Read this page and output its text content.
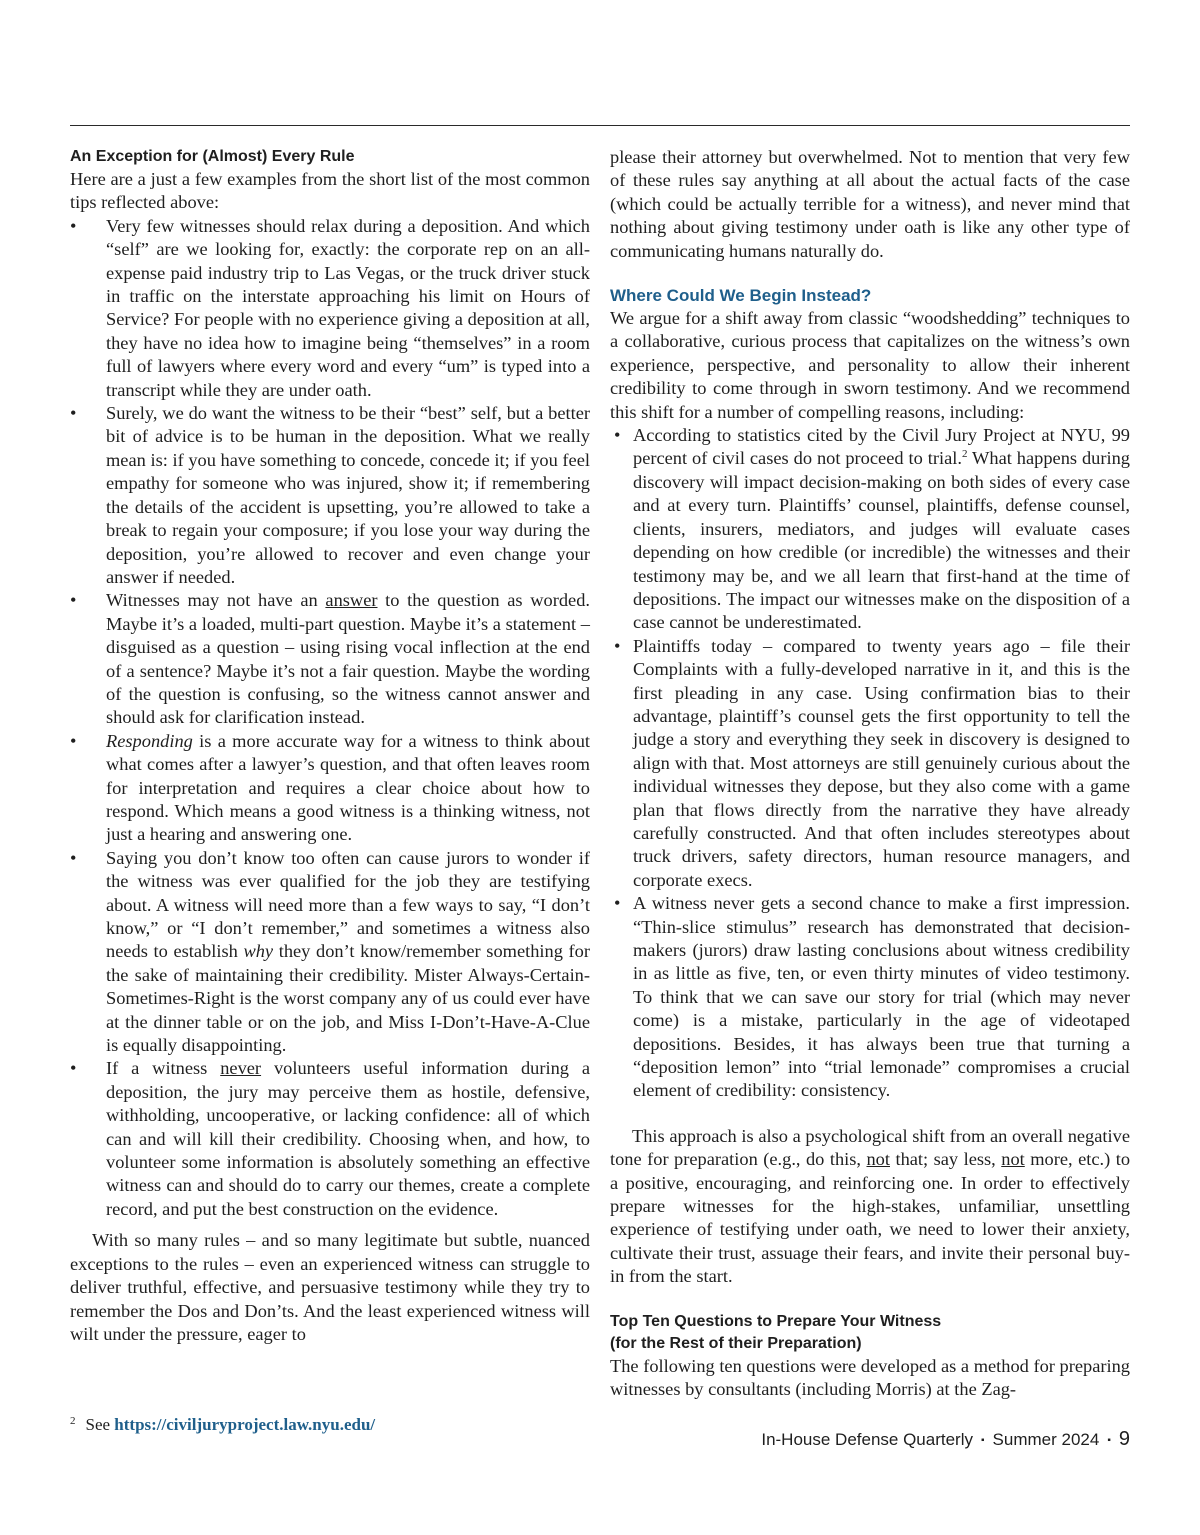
An Exception for (Almost) Every Rule

Here are a just a few examples from the short list of the most common tips reflected above:

• Very few witnesses should relax during a deposition. And which “self” are we looking for, exactly: the corporate rep on an all-expense paid industry trip to Las Vegas, or the truck driver stuck in traffic on the interstate approaching his limit on Hours of Service? For people with no experience giving a deposition at all, they have no idea how to imagine being “themselves” in a room full of lawyers where every word and every “um” is typed into a transcript while they are under oath.
• Surely, we do want the witness to be their “best” self, but a better bit of advice is to be human in the deposition. What we really mean is: if you have something to concede, concede it; if you feel empathy for someone who was injured, show it; if remembering the details of the accident is upsetting, you’re allowed to take a break to regain your composure; if you lose your way during the deposition, you’re allowed to recover and even change your answer if needed.
• Witnesses may not have an answer to the question as worded. Maybe it’s a loaded, multi-part question. Maybe it’s a statement – disguised as a question – using rising vocal inflection at the end of a sentence? Maybe it’s not a fair question. Maybe the wording of the question is confusing, so the witness cannot answer and should ask for clarification instead.
• Responding is a more accurate way for a witness to think about what comes after a lawyer’s question, and that often leaves room for interpretation and requires a clear choice about how to respond. Which means a good witness is a thinking witness, not just a hearing and answering one.
• Saying you don’t know too often can cause jurors to wonder if the witness was ever qualified for the job they are testifying about. A witness will need more than a few ways to say, “I don’t know,” or “I don’t remember,” and sometimes a witness also needs to establish why they don’t know/remember something for the sake of maintaining their credibility. Mister Always-Certain-Sometimes-Right is the worst company any of us could ever have at the dinner table or on the job, and Miss I-Don’t-Have-A-Clue is equally disappointing.
• If a witness never volunteers useful information during a deposition, the jury may perceive them as hostile, defensive, withholding, uncooperative, or lacking confidence: all of which can and will kill their credibility. Choosing when, and how, to volunteer some information is absolutely something an effective witness can and should do to carry our themes, create a complete record, and put the best construction on the evidence.

With so many rules – and so many legitimate but subtle, nuanced exceptions to the rules – even an experienced witness can struggle to deliver truthful, effective, and persuasive testimony while they try to remember the Dos and Don’ts. And the least experienced witness will wilt under the pressure, eager to

please their attorney but overwhelmed. Not to mention that very few of these rules say anything at all about the actual facts of the case (which could be actually terrible for a witness), and never mind that nothing about giving testimony under oath is like any other type of communicating humans naturally do.

Where Could We Begin Instead?

We argue for a shift away from classic “woodshedding” techniques to a collaborative, curious process that capitalizes on the witness’s own experience, perspective, and personality to allow their inherent credibility to come through in sworn testimony. And we recommend this shift for a number of compelling reasons, including:

• According to statistics cited by the Civil Jury Project at NYU, 99 percent of civil cases do not proceed to trial.$^2$ What happens during discovery will impact decision-making on both sides of every case and at every turn. Plaintiffs’ counsel, plaintiffs, defense counsel, clients, insurers, mediators, and judges will evaluate cases depending on how credible (or incredible) the witnesses and their testimony may be, and we all learn that first-hand at the time of depositions. The impact our witnesses make on the disposition of a case cannot be underestimated.
• Plaintiffs today – compared to twenty years ago – file their Complaints with a fully-developed narrative in it, and this is the first pleading in any case. Using confirmation bias to their advantage, plaintiff’s counsel gets the first opportunity to tell the judge a story and everything they seek in discovery is designed to align with that. Most attorneys are still genuinely curious about the individual witnesses they depose, but they also come with a game plan that flows directly from the narrative they have already carefully constructed. And that often includes stereotypes about truck drivers, safety directors, human resource managers, and corporate execs.
• A witness never gets a second chance to make a first impression. “Thin-slice stimulus” research has demonstrated that decision-makers (jurors) draw lasting conclusions about witness credibility in as little as five, ten, or even thirty minutes of video testimony. To think that we can save our story for trial (which may never come) is a mistake, particularly in the age of videotaped depositions. Besides, it has always been true that turning a “deposition lemon” into “trial lemonade” compromises a crucial element of credibility: consistency.

This approach is also a psychological shift from an overall negative tone for preparation (e.g., do this, not that; say less, not more, etc.) to a positive, encouraging, and reinforcing one. In order to effectively prepare witnesses for the high-stakes, unfamiliar, unsettling experience of testifying under oath, we need to lower their anxiety, cultivate their trust, assuage their fears, and invite their personal buy-in from the start.

Top Ten Questions to Prepare Your Witness
(for the Rest of their Preparation)

The following ten questions were developed as a method for preparing witnesses by consultants (including Morris) at the Zag-

$^2$ See https://civiljuryproject.law.nyu.edu/
In-House Defense Quarterly ▪ Summer 2024 ▪ 9
